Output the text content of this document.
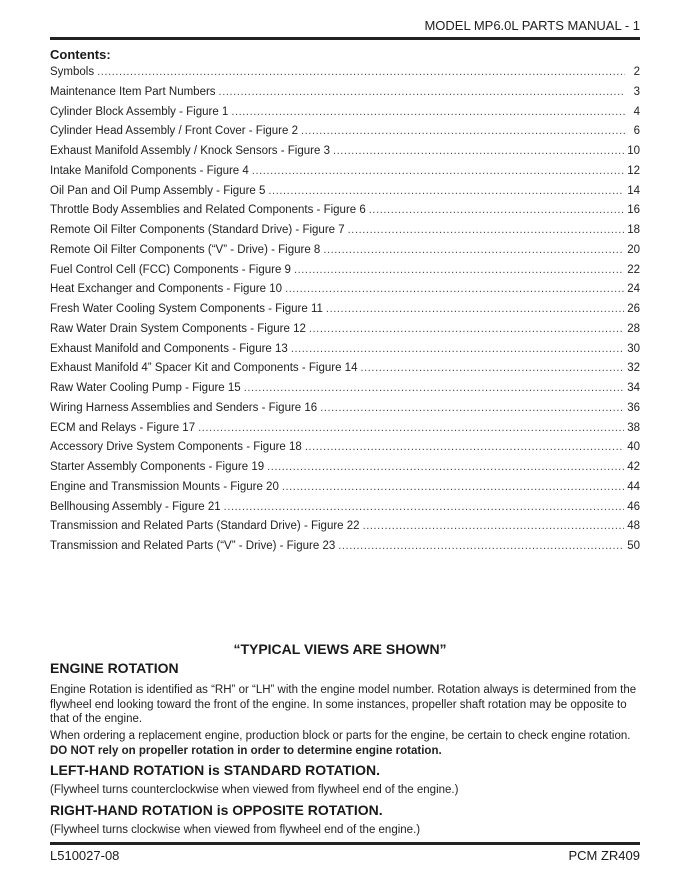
MODEL MP6.0L PARTS MANUAL - 1
Contents:
Symbols .....	2
Maintenance Item Part Numbers .....	3
Cylinder Block Assembly - Figure 1 .....	4
Cylinder Head Assembly / Front Cover - Figure 2 .....	6
Exhaust Manifold Assembly / Knock Sensors - Figure 3 .....	10
Intake Manifold Components - Figure 4 .....	12
Oil Pan and Oil Pump Assembly - Figure 5 .....	14
Throttle Body Assemblies and Related Components - Figure 6 .....	16
Remote Oil Filter Components (Standard Drive) - Figure 7 .....	18
Remote Oil Filter Components (“V” - Drive) - Figure 8 .....	20
Fuel Control Cell (FCC) Components - Figure 9 .....	22
Heat Exchanger and Components - Figure 10 .....	24
Fresh Water Cooling System Components - Figure 11 .....	26
Raw Water Drain System Components - Figure 12 .....	28
Exhaust Manifold and Components - Figure 13 .....	30
Exhaust Manifold 4” Spacer Kit and Components - Figure 14 .....	32
Raw Water Cooling Pump - Figure 15 .....	34
Wiring Harness Assemblies and Senders - Figure 16 .....	36
ECM and Relays - Figure 17 .....	38
Accessory Drive System Components - Figure 18 .....	40
Starter Assembly Components - Figure 19 .....	42
Engine and Transmission Mounts - Figure 20 .....	44
Bellhousing Assembly - Figure 21 .....	46
Transmission and Related Parts (Standard Drive) - Figure 22 .....	48
Transmission and Related Parts (“V” - Drive) - Figure 23 .....	50
“TYPICAL VIEWS ARE SHOWN”
ENGINE ROTATION

Engine Rotation is identified as “RH” or “LH” with the engine model number. Rotation always is determined from the flywheel end looking toward the front of the engine. In some instances, propeller shaft rotation may be opposite to that of the engine.

When ordering a replacement engine, production block or parts for the engine, be certain to check engine rotation. DO NOT rely on propeller rotation in order to determine engine rotation.

LEFT-HAND ROTATION is STANDARD ROTATION.

(Flywheel turns counterclockwise when viewed from flywheel end of the engine.)

RIGHT-HAND ROTATION is OPPOSITE ROTATION.

(Flywheel turns clockwise when viewed from flywheel end of the engine.)

L510027-08	PCM ZR409
